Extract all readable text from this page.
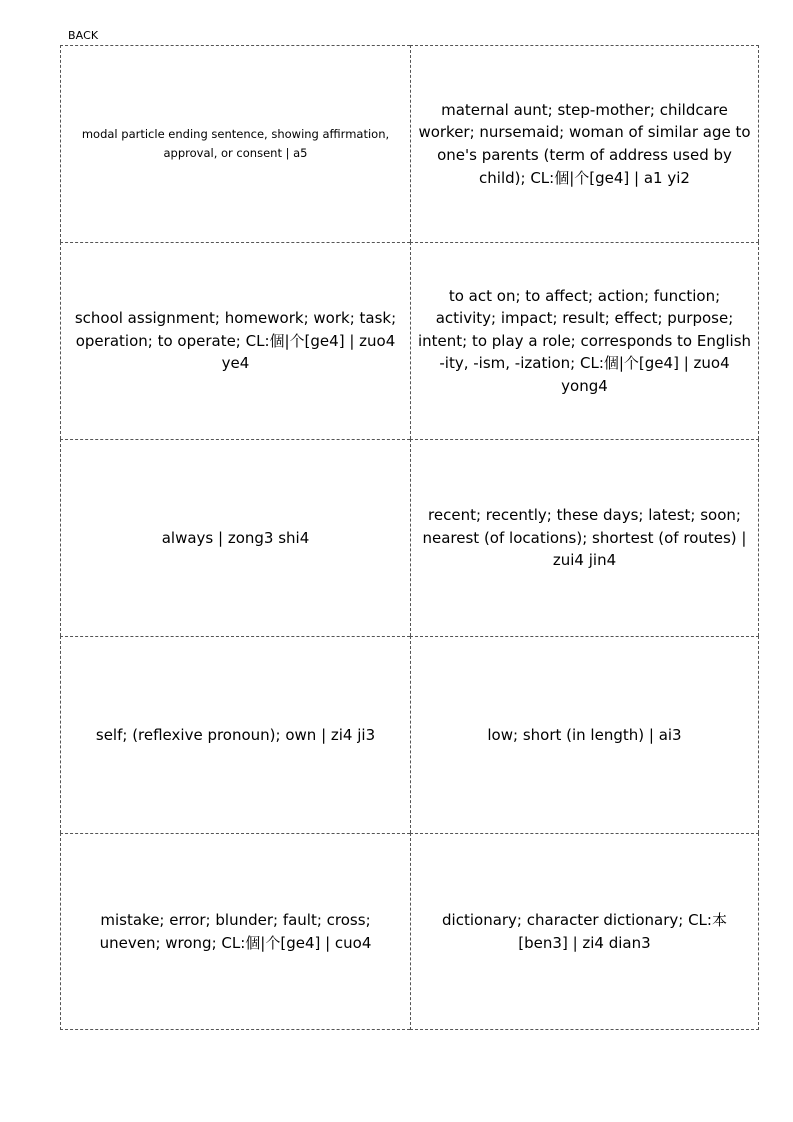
BACK
modal particle ending sentence, showing affirmation, approval, or consent | a5
maternal aunt; step-mother; childcare worker; nursemaid; woman of similar age to one's parents (term of address used by child); CL:個|个[ge4] | a1 yi2
school assignment; homework; work; task; operation; to operate; CL:個|个[ge4] | zuo4 ye4
to act on; to affect; action; function; activity; impact; result; effect; purpose; intent; to play a role; corresponds to English -ity, -ism, -ization; CL:個|个[ge4] | zuo4 yong4
always | zong3 shi4
recent; recently; these days; latest; soon; nearest (of locations); shortest (of routes) | zui4 jin4
self; (reflexive pronoun); own | zi4 ji3	low; short (in length) | ai3
mistake; error; blunder; fault; cross; uneven; wrong; CL:個|个[ge4] | cuo4
dictionary; character dictionary; CL:本[ben3] | zi4 dian3
